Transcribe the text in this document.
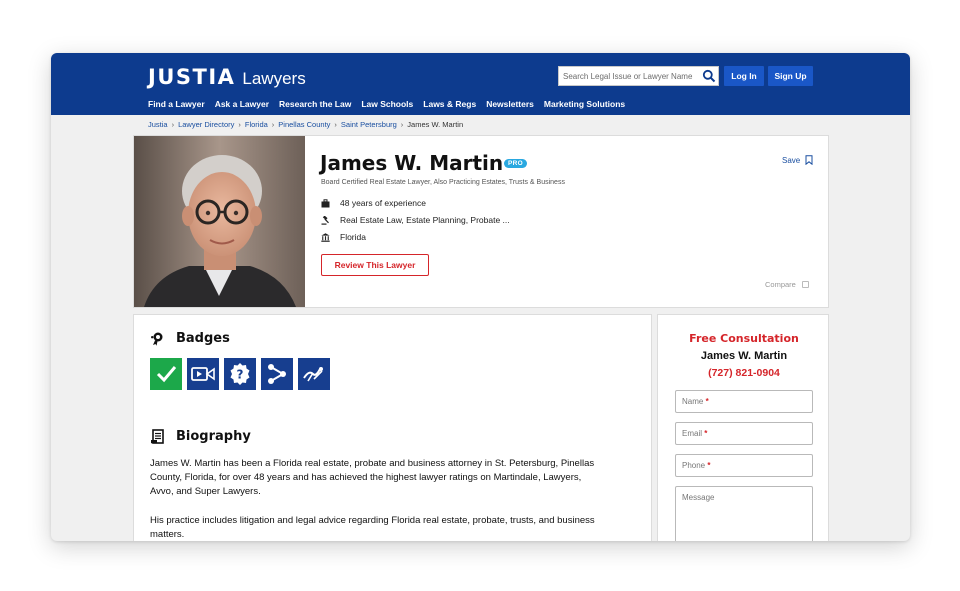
JUSTIA Lawyers
Search Legal Issue or Lawyer Name	Log In	Sign Up
Find a Lawyer Ask a Lawyer Research the Law Law Schools Laws & Regs Newsletters Marketing Solutions
Justia › Lawyer Directory › Florida › Pinellas County › Saint Petersburg › James W. Martin
James W. Martin PRO
Board Certified Real Estate Lawyer, Also Practicing Estates, Trusts & Business
48 years of experience
Real Estate Law, Estate Planning, Probate ...
Florida
Review This Lawyer
Save
Compare
Badges
?
Biography

James W. Martin has been a Florida real estate, probate and business attorney in St. Petersburg, Pinellas County, Florida, for over 48 years and has achieved the highest lawyer ratings on Martindale, Lawyers, Avvo, and Super Lawyers.

His practice includes litigation and legal advice regarding Florida real estate, probate, trusts, and business matters.

Free Consultation
James W. Martin
(727) 821-0904
Name *
Email *
Phone *
Message
